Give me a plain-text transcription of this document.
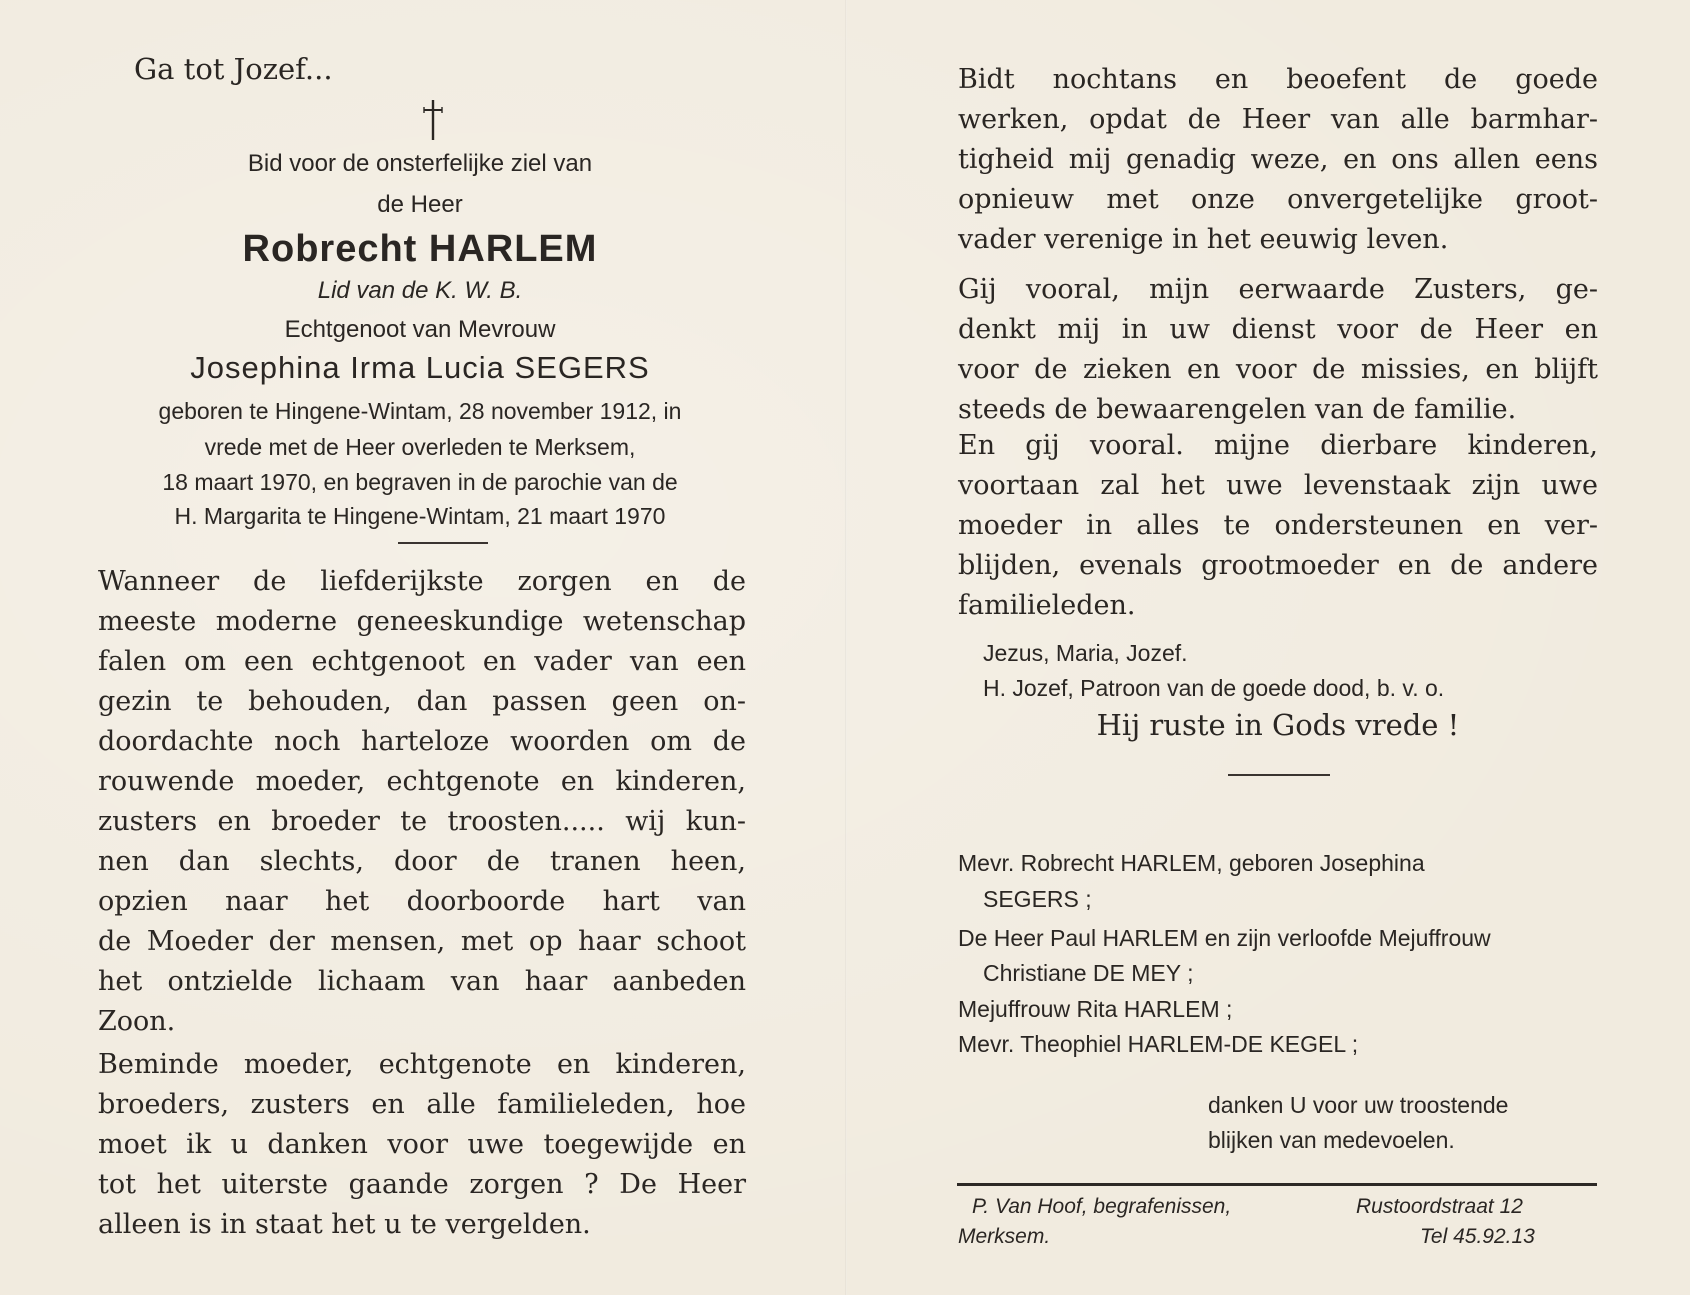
Ga tot Jozef...
Bid voor de onsterfelijke ziel van
de Heer
Robrecht HARLEM
Lid van de K. W. B.
Echtgenoot van Mevrouw
Josephina Irma Lucia SEGERS
geboren te Hingene-Wintam, 28 november 1912, in
vrede met de Heer overleden te Merksem,
18 maart 1970, en begraven in de parochie van de
H. Margarita te Hingene-Wintam, 21 maart 1970
Wanneer de liefderijkste zorgen en de
meeste moderne geneeskundige wetenschap
falen om een echtgenoot en vader van een
gezin te behouden, dan passen geen on-
doordachte noch harteloze woorden om de
rouwende moeder, echtgenote en kinderen,
zusters en broeder te troosten..... wij kun-
nen dan slechts, door de tranen heen,
opzien naar het doorboorde hart van
de Moeder der mensen, met op haar schoot
het ontzielde lichaam van haar aanbeden
Zoon.
Beminde moeder, echtgenote en kinderen,
broeders, zusters en alle familieleden, hoe
moet ik u danken voor uwe toegewijde en
tot het uiterste gaande zorgen ? De Heer
alleen is in staat het u te vergelden.
Bidt nochtans en beoefent de goede
werken, opdat de Heer van alle barmhar-
tigheid mij genadig weze, en ons allen eens
opnieuw met onze onvergetelijke groot-
vader verenige in het eeuwig leven.
Gij vooral, mijn eerwaarde Zusters, ge-
denkt mij in uw dienst voor de Heer en
voor de zieken en voor de missies, en blijft
steeds de bewaarengelen van de familie.
En gij vooral. mijne dierbare kinderen,
voortaan zal het uwe levenstaak zijn uwe
moeder in alles te ondersteunen en ver-
blijden, evenals grootmoeder en de andere
familieleden.
Jezus, Maria, Jozef.
H. Jozef, Patroon van de goede dood, b. v. o.
Hij ruste in Gods vrede !
Mevr. Robrecht HARLEM, geboren Josephina
SEGERS ;
De Heer Paul HARLEM en zijn verloofde Mejuffrouw
Christiane DE MEY ;
Mejuffrouw Rita HARLEM ;
Mevr. Theophiel HARLEM-DE KEGEL ;
danken U voor uw troostende
blijken van medevoelen.
P. Van Hoof, begrafenissen,	Rustoordstraat 12
Merksem.	Tel 45.92.13
